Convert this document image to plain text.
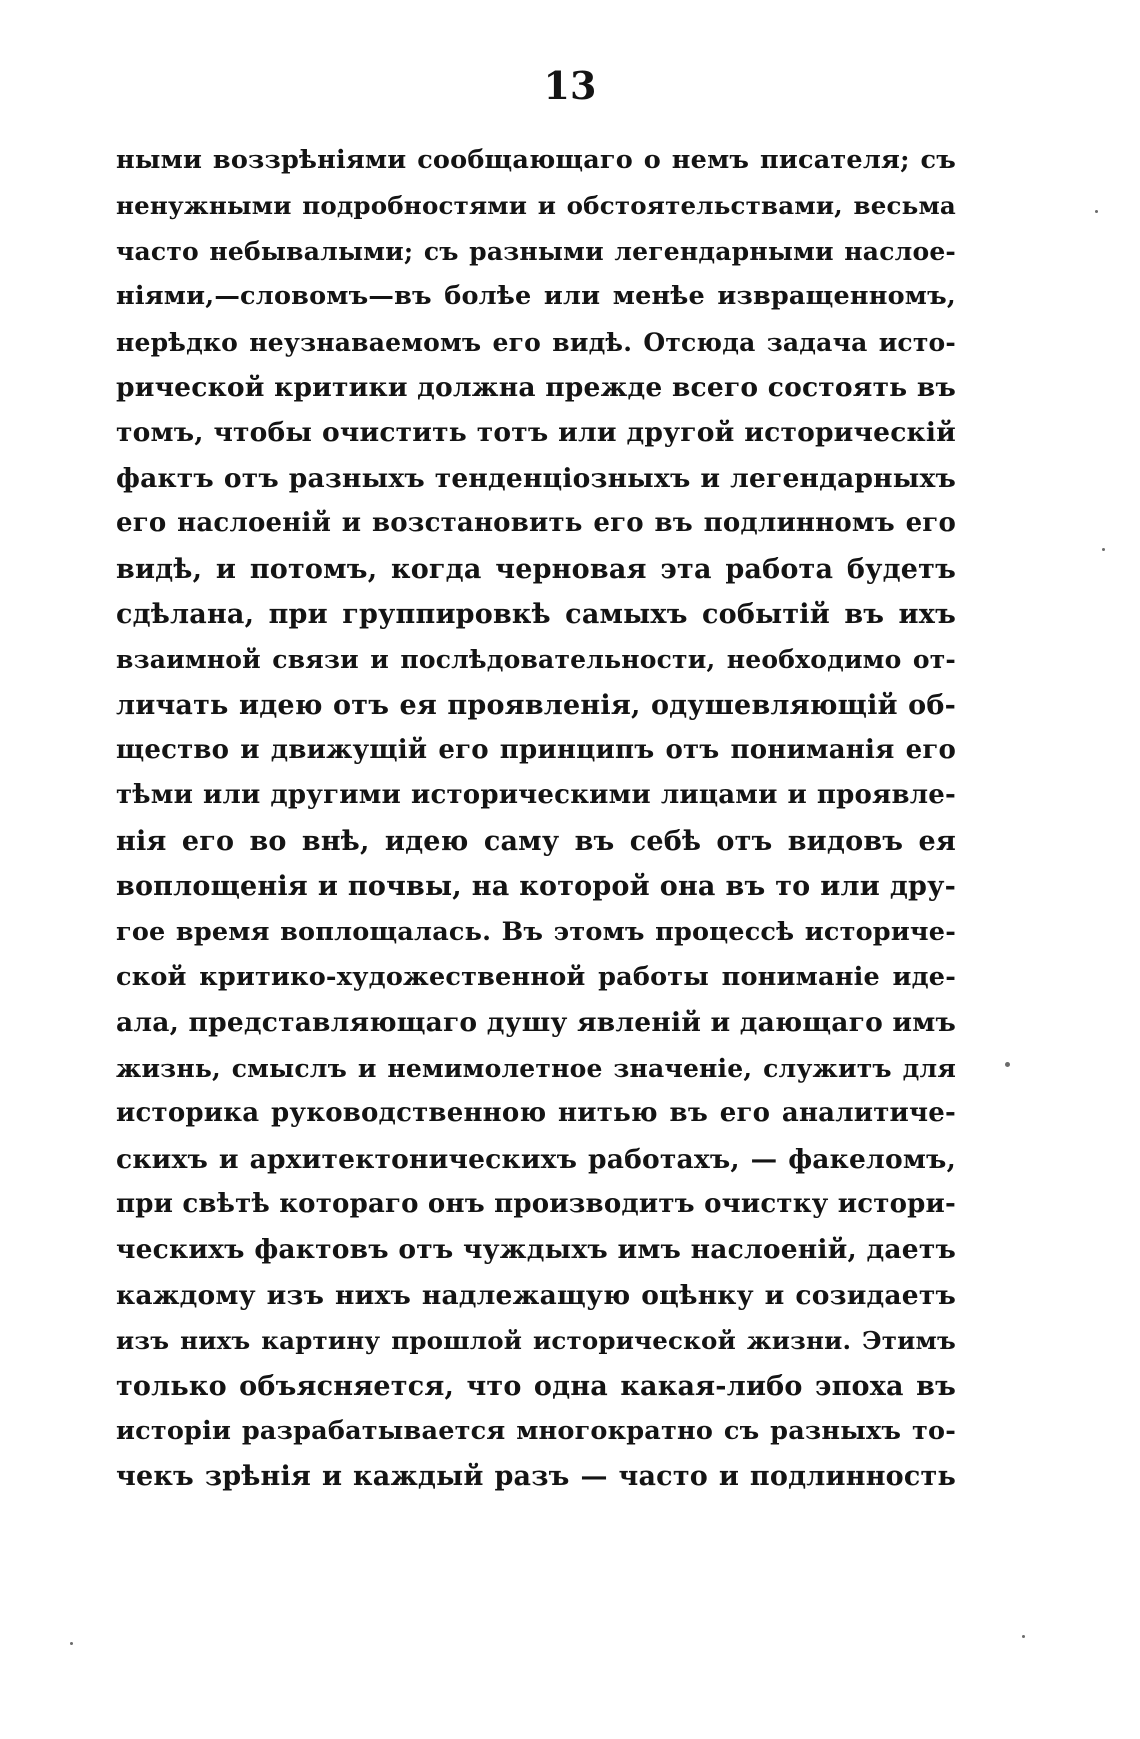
13
ными воззрѣніями сообщающаго о немъ писателя; съ
ненужными подробностями и обстоятельствами, весьма
часто небывалыми; съ разными легендарными наслое-
ніями,—словомъ—въ болѣе или менѣе извращенномъ,
нерѣдко неузнаваемомъ его видѣ. Отсюда задача исто-
рической критики должна прежде всего состоять въ
томъ, чтобы очистить тотъ или другой историческій
фактъ отъ разныхъ тенденціозныхъ и легендарныхъ
его наслоеній и возстановить его въ подлинномъ его
видѣ, и потомъ, когда черновая эта работа будетъ
сдѣлана, при группировкѣ самыхъ событій въ ихъ
взаимной связи и послѣдовательности, необходимо от-
личать идею отъ ея проявленія, одушевляющій об-
щество и движущій его принципъ отъ пониманія его
тѣми или другими историческими лицами и проявле-
нія его во внѣ, идею саму въ себѣ отъ видовъ ея
воплощенія и почвы, на которой она въ то или дру-
гое время воплощалась. Въ этомъ процессѣ историче-
ской критико-художественной работы пониманіе иде-
ала, представляющаго душу явленій и дающаго имъ
жизнь, смыслъ и немимолетное значеніе, служитъ для
историка руководственною нитью въ его аналитиче-
скихъ и архитектоническихъ работахъ, — факеломъ,
при свѣтѣ котораго онъ производитъ очистку истори-
ческихъ фактовъ отъ чуждыхъ имъ наслоеній, даетъ
каждому изъ нихъ надлежащую оцѣнку и созидаетъ
изъ нихъ картину прошлой исторической жизни. Этимъ
только объясняется, что одна какая-либо эпоха въ
исторіи разрабатывается многократно съ разныхъ то-
чекъ зрѣнія и каждый разъ — часто и подлинность
